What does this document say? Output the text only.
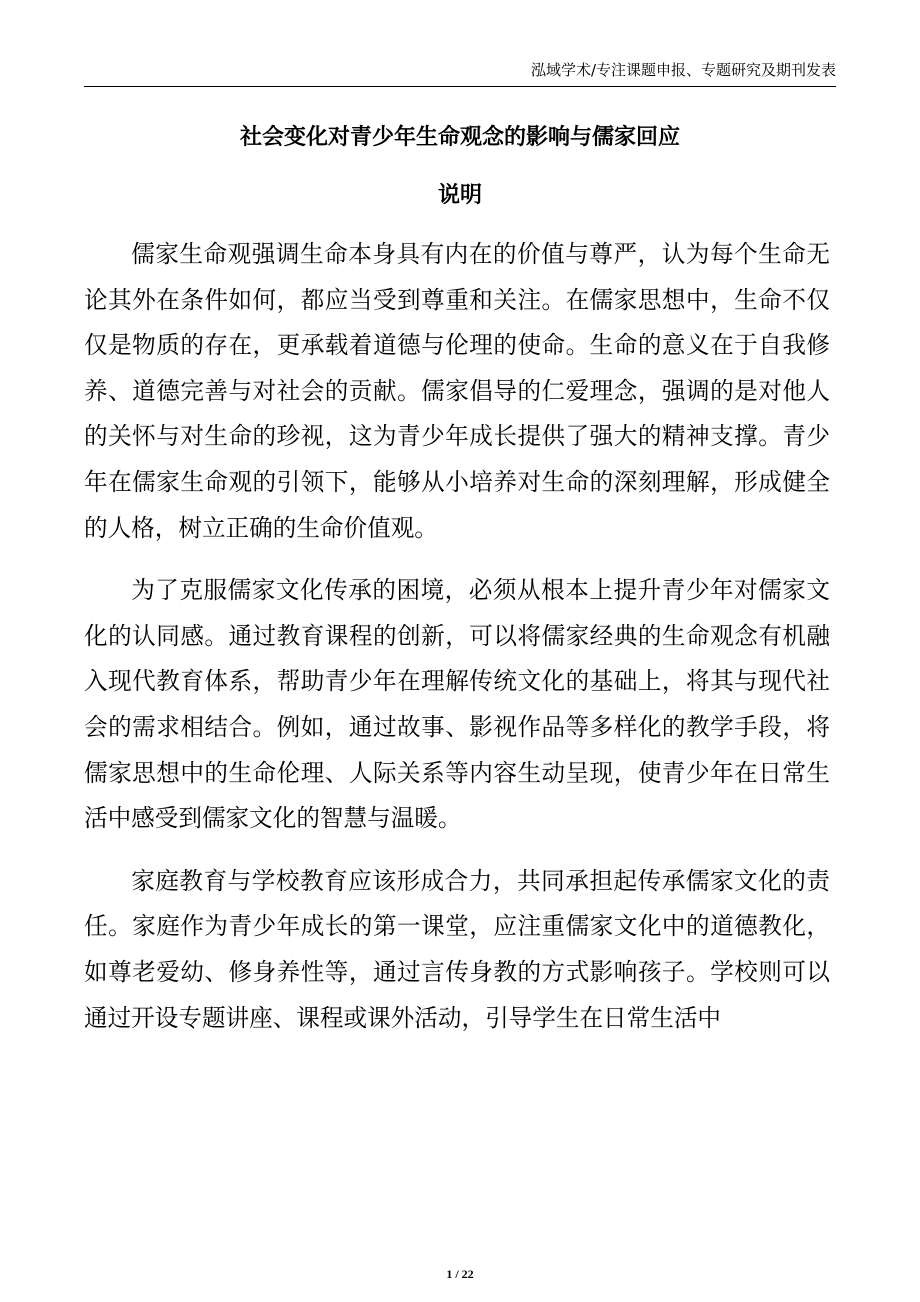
泓域学术/专注课题申报、专题研究及期刊发表
社会变化对青少年生命观念的影响与儒家回应
说明

儒家生命观强调生命本身具有内在的价值与尊严，认为每个生命无论其外在条件如何，都应当受到尊重和关注。在儒家思想中，生命不仅仅是物质的存在，更承载着道德与伦理的使命。生命的意义在于自我修养、道德完善与对社会的贡献。儒家倡导的仁爱理念，强调的是对他人的关怀与对生命的珍视，这为青少年成长提供了强大的精神支撑。青少年在儒家生命观的引领下，能够从小培养对生命的深刻理解，形成健全的人格，树立正确的生命价值观。

为了克服儒家文化传承的困境，必须从根本上提升青少年对儒家文化的认同感。通过教育课程的创新，可以将儒家经典的生命观念有机融入现代教育体系，帮助青少年在理解传统文化的基础上，将其与现代社会的需求相结合。例如，通过故事、影视作品等多样化的教学手段，将儒家思想中的生命伦理、人际关系等内容生动呈现，使青少年在日常生活中感受到儒家文化的智慧与温暖。

家庭教育与学校教育应该形成合力，共同承担起传承儒家文化的责任。家庭作为青少年成长的第一课堂，应注重儒家文化中的道德教化，如尊老爱幼、修身养性等，通过言传身教的方式影响孩子。学校则可以通过开设专题讲座、课程或课外活动，引导学生在日常生活中

1 / 22
